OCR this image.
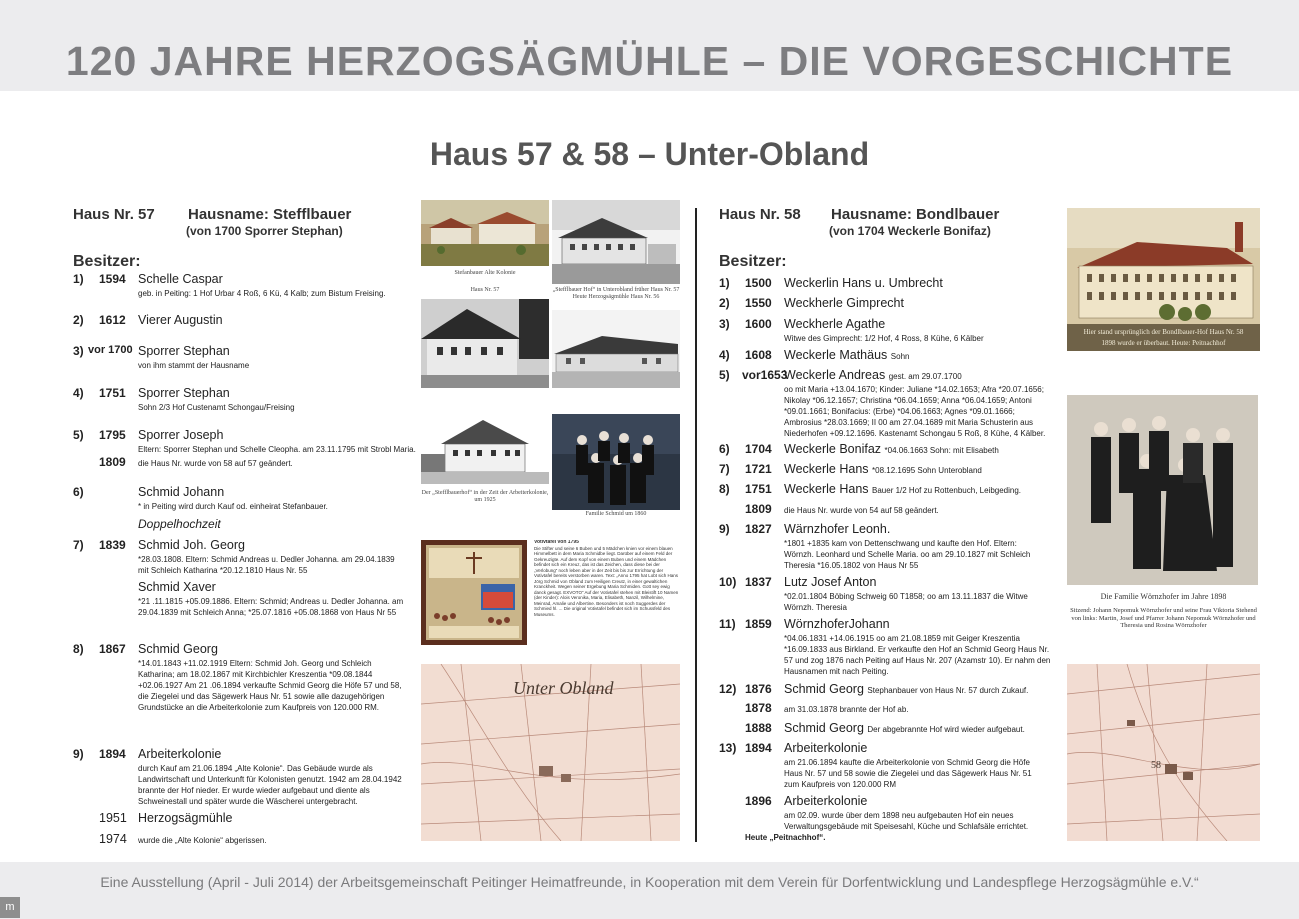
120 JAHRE HERZOGSÄGMÜHLE – DIE VORGESCHICHTE
Haus 57 & 58 – Unter-Obland
Haus Nr. 57 Hausname: Stefflbauer
(von 1700 Sporrer Stephan)
Besitzer:
1) 1594 Schelle Caspar
geb. in Peiting: 1 Hof Urbar 4 Roß, 6 Kü, 4 Kalb; zum Bistum Freising.
2) 1612 Vierer Augustin
3) vor 1700 Sporrer Stephan
von ihm stammt der Hausname
4) 1751 Sporrer Stephan
Sohn 2/3 Hof Custenamt Schongau/Freising
5) 1795 Sporrer Joseph
Eltern: Sporrer Stephan und Schelle Cleopha. am 23.11.1795 mit Strobl Maria.
1809 die Haus Nr. wurde von 58 auf 57 geändert.
6)	Schmid Johann
* in Peiting wird durch Kauf od. einheirat Stefanbauer.
Doppelhochzeit
7) 1839 Schmid Joh. Georg
*28.03.1808. Eltern: Schmid Andreas u. Dedler Johanna. am 29.04.1839 mit Schleich Katharina *20.12.1810 Haus Nr. 55
Schmid Xaver
*21 .11.1815 +05.09.1886. Eltern: Schmid; Andreas u. Dedler Johanna. am 29.04.1839 mit Schleich Anna; *25.07.1816 +05.08.1868 von Haus Nr 55
8) 1867 Schmid Georg
*14.01.1843 +11.02.1919 Eltern: Schmid Joh. Georg und Schleich Katharina; am 18.02.1867 mit Kirchbichler Kreszentia *09.08.1844 +02.06.1927 Am 21 .06.1894 verkaufte Schmid Georg die Höfe 57 und 58, die Ziegelei und das Sägewerk Haus Nr. 51 sowie alle dazugehörigen Grundstücke an die Arbeiterkolonie zum Kaufpreis von 120.000 RM.
9) 1894 Arbeiterkolonie
durch Kauf am 21.06.1894 „Alte Kolonie“. Das Gebäude wurde als Landwirtschaft und Unterkunft für Kolonisten genutzt. 1942 am 28.04.1942 brannte der Hof nieder. Er wurde wieder aufgebaut und diente als Schweinestall und später wurde die Wäscherei untergebracht.
1951 Herzogsägmühle
1974 wurde die „Alte Kolonie“ abgerissen.
Stefanbauer Alte Kolonie
Haus Nr. 57	„Stefflbauer Hof“ in Unterobland früher Haus Nr. 57 Heute Herzogsägmühle Haus Nr. 56
Der „Stefflbauerhof“ in der Zeit der Arbeiterkolonie, um 1925
Familie Schmid um 1860
Votivtafel von 1795
Die Stifter und seine 6 Buben und 5 Mädchen knien vor einem blauen Himmelbett in dem Maria Schmidbe liegt. Darüber auf einem Feld der Gekreuzigte. Auf dem Kopf von einem Buben und einem Mädchen befindet sich ein Kreuz, das ist das Zeichen, dass diese bei der „Verlobung“ noch leben aber in der Zeit bis bis zur Errichtung der Votivtafel bereits verstorben waren. Text: „Anno 1795 hat Lobt sich Hans Jörg Schmid von Obland zum Heiligen Creutz, in einer gewaltichen Kranckheit. Wegen seiner Ergebung Maria Schmiden. Gott sey ewig danck gesagt. EXVOTO“ Auf der Votivtafel stehen mit Bleistift 10 Namen (der Kinder): Alois Veronika, Maria, Elisabeth, Nanzil, Wilhelmine, Meinrad, Amalie und Albertine. Besonders ist noch Suggerdes der Schmied hl. ... Die original Votivtafel befindet sich im Schussfeld des Museums.
Unter Obland
Haus Nr. 58 Hausname: Bondlbauer
(von 1704 Weckerle Bonifaz)
Besitzer:
1) 1500 Weckerlin Hans u. Umbrecht
2) 1550 Weckherle Gimprecht
3) 1600 Weckherle Agathe
Witwe des Gimprecht: 1/2 Hof, 4 Ross, 8 Kühe, 6 Kälber
4) 1608 Weckerle Mathäus Sohn
5) vor1653
Weckerle Andreas gest. am 29.07.1700
oo mit Maria +13.04.1670; Kinder: Juliane *14.02.1653; Afra *20.07.1656; Nikolay *06.12.1657; Christina *06.04.1659; Anna *06.04.1659; Antoni *09.01.1661; Bonifacius: (Erbe) *04.06.1663; Agnes *09.01.1666; Ambrosius *28.03.1669; II 00 am 27.04.1689 mit Maria Schusterin aus Niederhofen +09.12.1696. Kastenamt Schongau 5 Roß, 8 Kühe, 4 Kälber.
6) 1704 Weckerle Bonifaz *04.06.1663 Sohn: mit Elisabeth
7) 1721 Weckerle Hans *08.12.1695 Sohn Unterobland
8) 1751 Weckerle Hans Bauer 1/2 Hof zu Rottenbuch, Leibgeding.
1809 die Haus Nr. wurde von 54 auf 58 geändert.
9) 1827 Wärnzhofer Leonh.
*1801 +1835 kam von Dettenschwang und kaufte den Hof. Eltern: Wörnzh. Leonhard und Schelle Maria. oo am 29.10.1827 mit Schleich Theresia *16.05.1802 von Haus Nr 55
10) 1837 Lutz Josef Anton
*02.01.1804 Böbing Schweig 60 T1858; oo am 13.11.1837 die Witwe Wörnzh. Theresia
11) 1859 WörnzhoferJohann
*04.06.1831 +14.06.1915 oo am 21.08.1859 mit Geiger Kreszentia *16.09.1833 aus Birkland. Er verkaufte den Hof an Schmid Georg Haus Nr. 57 und zog 1876 nach Peiting auf Haus Nr. 207 (Azamstr 10). Er nahm den Hausnamen mit nach Peiting.
12) 1876 Schmid Georg Stephanbauer von Haus Nr. 57 durch Zukauf.
1878 am 31.03.1878 brannte der Hof ab.
1888 Schmid Georg Der abgebrannte Hof wird wieder aufgebaut.
13) 1894 Arbeiterkolonie
am 21.06.1894 kaufte die Arbeiterkolonie von Schmid Georg die Höfe Haus Nr. 57 und 58 sowie die Ziegelei und das Sägewerk Haus Nr. 51 zum Kaufpreis von 120.000 RM
1896 Arbeiterkolonie
am 02.09. wurde über dem 1898 neu aufgebauten Hof ein neues Verwaltungsgebäude mit Speisesahl, Küche und Schlafsäle errichtet.
Heute „Peitnachhof“.
Hier stand ursprünglich der Bondlbauer-Hof Haus Nr. 58
1898 wurde er überbaut. Heute: Peitnachhof
Die Familie Wörnzhofer im Jahre 1898
Sitzend: Johann Nepomuk Wörnzhofer und seine Frau Viktoria Stehend von links: Martin, Josef und Pfarrer Johann Nepomuk Wörnzhofer und Theresia und Rosina Wörnzhofer
58
Eine Ausstellung (April - Juli 2014) der Arbeitsgemeinschaft Peitinger Heimatfreunde, in Kooperation mit dem Verein für Dorfentwicklung und Landespflege Herzogsägmühle e.V.“
m
